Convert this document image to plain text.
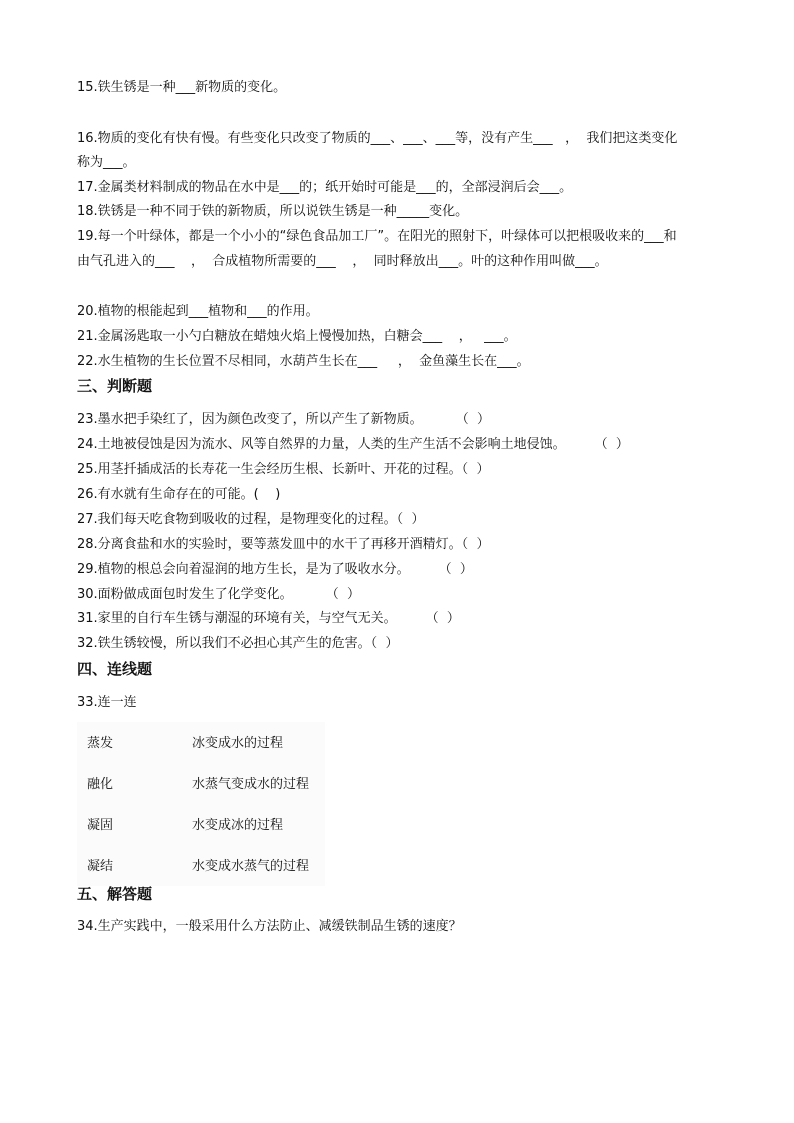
15.铁生锈是一种___新物质的变化。
16.物质的变化有快有慢。有些变化只改变了物质的___、___、___等，没有产生___   ，  我们把这类变化
称为___。
17.金属类材料制成的物品在水中是___的；纸开始时可能是___的，全部浸润后会___。
18.铁锈是一种不同于铁的新物质，所以说铁生锈是一种_____变化。
19.每一个叶绿体，都是一个小小的“绿色食品加工厂”。在阳光的照射下，叶绿体可以把根吸收来的___和
由气孔进入的___    ，  合成植物所需要的___    ，  同时释放出___。叶的这种作用叫做___。
20.植物的根能起到___植物和___的作用。
21.金属汤匙取一小勺白糖放在蜡烛火焰上慢慢加热，白糖会___    ，   ___。
22.水生植物的生长位置不尽相同，水葫芦生长在___     ，  金鱼藻生长在___。
三、判断题
23.墨水把手染红了，因为颜色改变了，所以产生了新物质。        （  ）
24.土地被侵蚀是因为流水、风等自然界的力量，人类的生产生活不会影响土地侵蚀。       （  ）
25.用茎扦插成活的长寿花一生会经历生根、长新叶、开花的过程。（  ）
26.有水就有生命存在的可能。(    )
27.我们每天吃食物到吸收的过程，是物理变化的过程。（  ）
28.分离食盐和水的实验时，要等蒸发皿中的水干了再移开酒精灯。（  ）
29.植物的根总会向着湿润的地方生长，是为了吸收水分。       （  ）
30.面粉做成面包时发生了化学变化。        （  ）
31.家里的自行车生锈与潮湿的环境有关，与空气无关。       （  ）
32.铁生锈较慢，所以我们不必担心其产生的危害。（  ）
四、连线题
33.连一连
蒸发	冰变成水的过程
融化	水蒸气变成水的过程
凝固	水变成冰的过程
凝结	水变成水蒸气的过程
五、解答题
34.生产实践中，一般采用什么方法防止、减缓铁制品生锈的速度？
